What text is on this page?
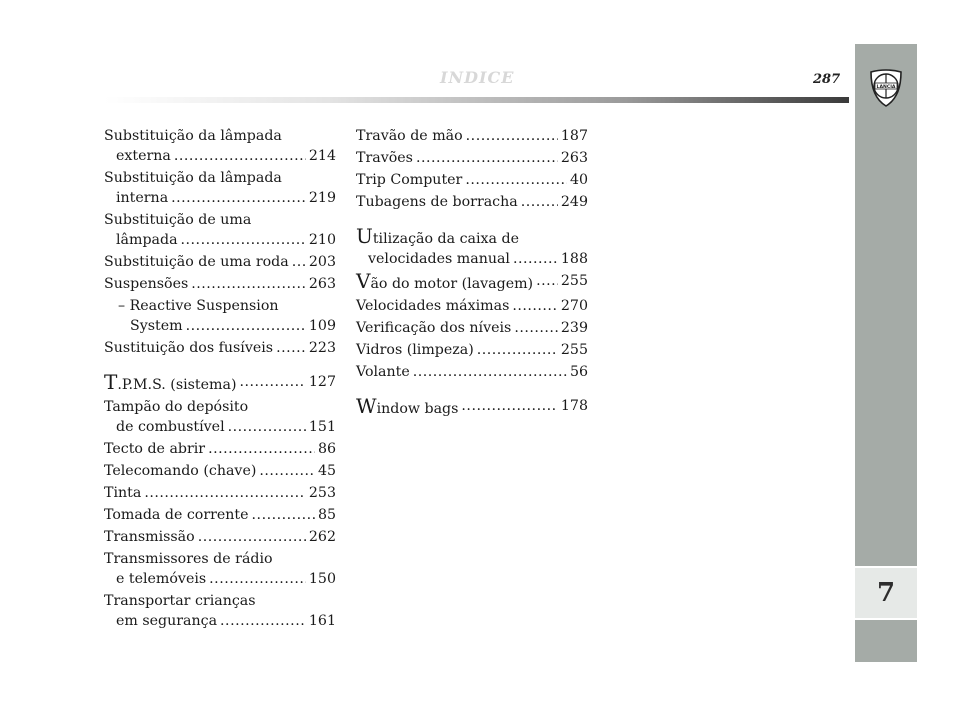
INDICE	287
LANCIA
7
Substituição da lâmpada
externa .....	214
Substituição da lâmpada
interna .....	219
Substituição de uma
lâmpada .....	210
Substituição de uma roda ..... 203
Suspensões .....	263
– Reactive Suspension
System .....	109
Sustituição dos fusíveis .....	223
T.P.M.S. (sistema) .....	127
Tampão do depósito
de combustível .....	151
Tecto de abrir .....	86
Telecomando (chave) .....	45
Tinta .....	253
Tomada de corrente .....	85
Transmissão .....	262
Transmissores de rádio
e telemóveis .....	150
Transportar crianças
em segurança .....	161
Travão de mão .....	187
Travões .....	263
Trip Computer .....	40
Tubagens de borracha .....	249
Utilização da caixa de
velocidades manual .....	188
Vão do motor (lavagem) ..... 255
Velocidades máximas .....	270
Verificação dos níveis .....	239
Vidros (limpeza) .....	255
Volante .....	56
Window bags .....	178
